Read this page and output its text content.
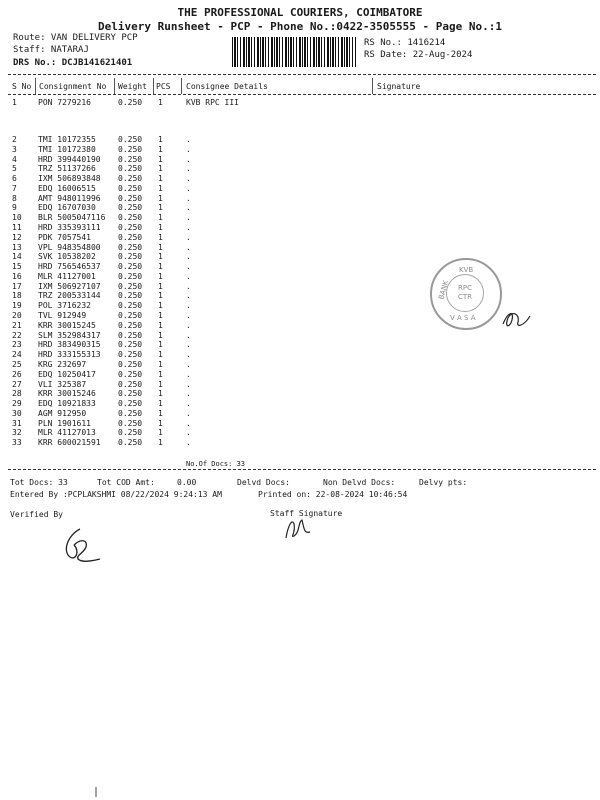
THE PROFESSIONAL COURIERS, COIMBATORE
Delivery Runsheet - PCP - Phone No.:0422-3505555 - Page No.:1
Route: VAN DELIVERY PCP
Staff: NATARAJ
DRS No.: DCJB141621401
RS No.: 1416214
RS Date: 22-Aug-2024
S No Consignment No Weight PCS Consignee Details	Signature
1	PON 7279216	0.250 1	KVB RPC III
2	TMI 10172355	0.250 1	.
3	TMI 10172380	0.250 1	.
4	HRD 399440190 0.250 1	.
5	TRZ 51137266	0.250 1	.
6	IXM 506893848 0.250 1	.
7	EDQ 16006515	0.250 1	.
8	AMT 948011996 0.250 1	.
9	EDQ 16707030	0.250 1	.
10 BLR 5005047116 0.250 1	.
11 HRD 335393111 0.250 1	.
12 PDK 7057541	0.250 1	.
13 VPL 948354800 0.250 1	.
14 SVK 10538202	0.250 1	.
15 HRD 756546537 0.250 1	.
16 MLR 41127001	0.250 1	.
17 IXM 506927107 0.250 1	.
18 TRZ 200533144 0.250 1	.
19 POL 3716232	0.250 1	.
20 TVL 912949	0.250 1	.
21 KRR 30015245	0.250 1	.
22 SLM 352984317 0.250 1	.
23 HRD 383490315 0.250 1	.
24 HRD 333155313 0.250 1	.
25 KRG 232697	0.250 1	.
26 EDQ 10250417	0.250 1	.
27 VLI 325387	0.250 1	.
28 KRR 30015246	0.250 1	.
29 EDQ 10921833	0.250 1	.
30 AGM 912950	0.250 1	.
31 PLN 1901611	0.250 1	.
32 MLR 41127013	0.250 1	.
33 KRR 600021591 0.250 1	.
No.Of Docs: 33
KVB
RPC
CTR
BANK
V A S A
Tot Docs: 33	Tot COD Amt:	0.00	Delvd Docs:	Non Delvd Docs:	Delvy pts:
Entered By :PCPLAKSHMI 08/22/2024 9:24:13 AM	Printed on: 22-08-2024 10:46:54
Verified By	Staff Signature
